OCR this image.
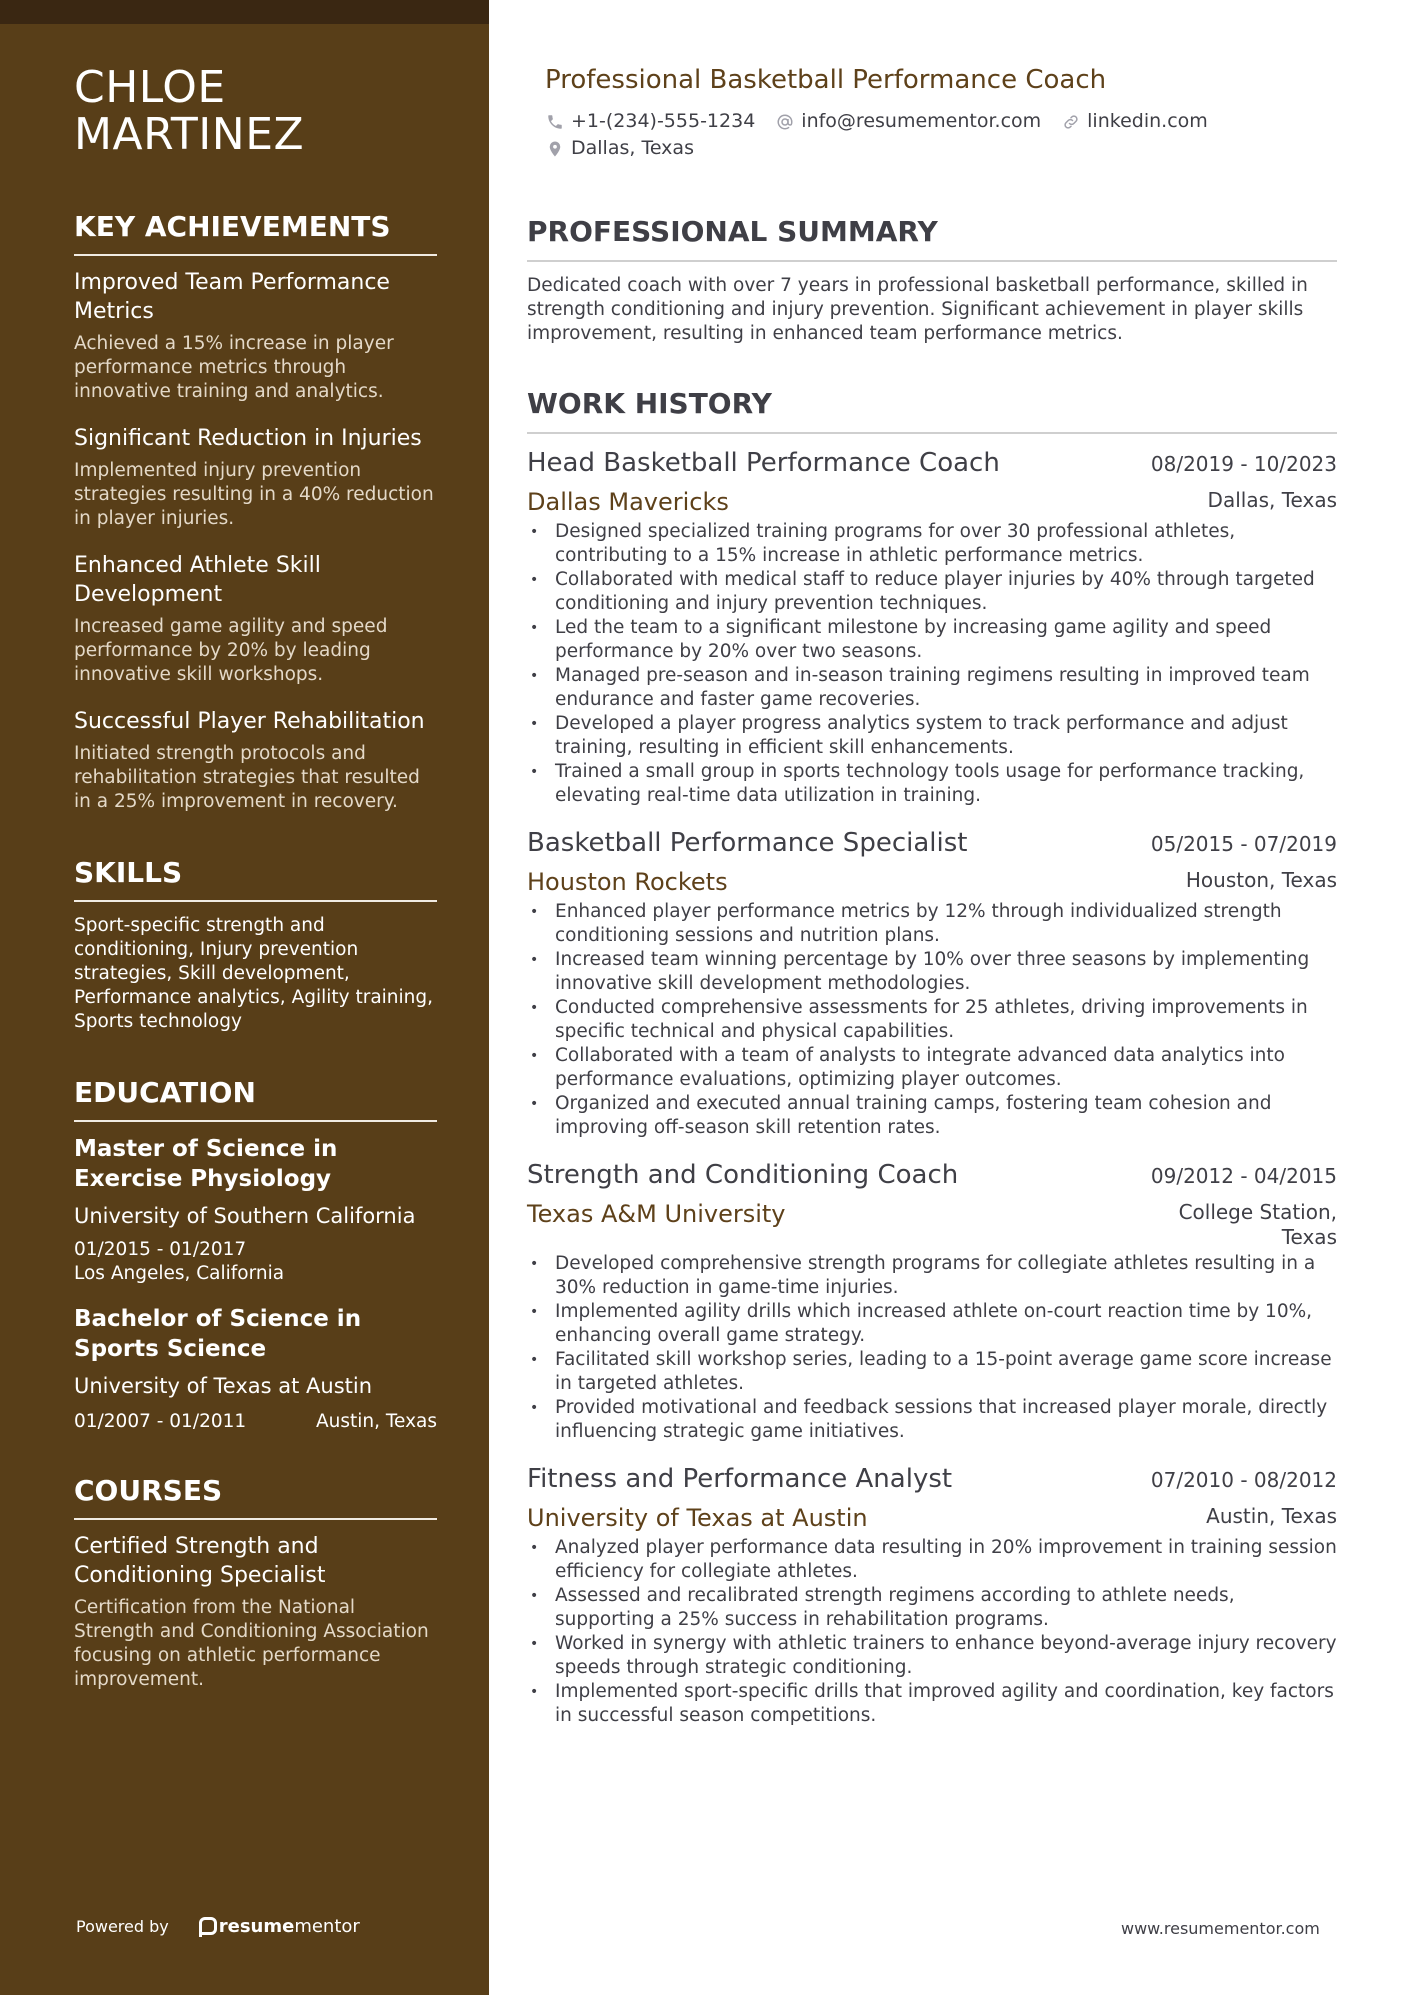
CHLOE
MARTINEZ
KEY ACHIEVEMENTS
Improved Team Performance Metrics
Achieved a 15% increase in player performance metrics through innovative training and analytics.
Significant Reduction in Injuries
Implemented injury prevention strategies resulting in a 40% reduction in player injuries.
Enhanced Athlete Skill Development
Increased game agility and speed performance by 20% by leading innovative skill workshops.
Successful Player Rehabilitation
Initiated strength protocols and rehabilitation strategies that resulted in a 25% improvement in recovery.
SKILLS
Sport-specific strength and conditioning, Injury prevention strategies, Skill development, Performance analytics, Agility training, Sports technology
EDUCATION
Master of Science in Exercise Physiology
University of Southern California
01/2015 - 01/2017
Los Angeles, California
Bachelor of Science in Sports Science
University of Texas at Austin
01/2007 - 01/2011	Austin, Texas
COURSES
Certified Strength and Conditioning Specialist
Certification from the National Strength and Conditioning Association focusing on athletic performance improvement.
Powered by	resume mentor
Professional Basketball Performance Coach
+1-(234)-555-1234 info@resumementor.com linkedin.com
Dallas, Texas
PROFESSIONAL SUMMARY

Dedicated coach with over 7 years in professional basketball performance, skilled in strength conditioning and injury prevention. Significant achievement in player skills improvement, resulting in enhanced team performance metrics.

WORK HISTORY
Head Basketball Performance Coach	08/2019 - 10/2023
Dallas Mavericks	Dallas, Texas
• Designed specialized training programs for over 30 professional athletes, contributing to a 15% increase in athletic performance metrics.
• Collaborated with medical staff to reduce player injuries by 40% through targeted conditioning and injury prevention techniques.
• Led the team to a significant milestone by increasing game agility and speed performance by 20% over two seasons.
• Managed pre-season and in-season training regimens resulting in improved team endurance and faster game recoveries.
• Developed a player progress analytics system to track performance and adjust training, resulting in efficient skill enhancements.
• Trained a small group in sports technology tools usage for performance tracking, elevating real-time data utilization in training.
Basketball Performance Specialist	05/2015 - 07/2019
Houston Rockets	Houston, Texas
• Enhanced player performance metrics by 12% through individualized strength conditioning sessions and nutrition plans.
• Increased team winning percentage by 10% over three seasons by implementing innovative skill development methodologies.
• Conducted comprehensive assessments for 25 athletes, driving improvements in specific technical and physical capabilities.
• Collaborated with a team of analysts to integrate advanced data analytics into performance evaluations, optimizing player outcomes.
• Organized and executed annual training camps, fostering team cohesion and improving off-season skill retention rates.
Strength and Conditioning Coach	09/2012 - 04/2015
Texas A&M University	College Station, Texas
• Developed comprehensive strength programs for collegiate athletes resulting in a 30% reduction in game-time injuries.
• Implemented agility drills which increased athlete on-court reaction time by 10%, enhancing overall game strategy.
• Facilitated skill workshop series, leading to a 15-point average game score increase in targeted athletes.
• Provided motivational and feedback sessions that increased player morale, directly influencing strategic game initiatives.
Fitness and Performance Analyst	07/2010 - 08/2012
University of Texas at Austin	Austin, Texas
• Analyzed player performance data resulting in 20% improvement in training session efficiency for collegiate athletes.
• Assessed and recalibrated strength regimens according to athlete needs, supporting a 25% success in rehabilitation programs.
• Worked in synergy with athletic trainers to enhance beyond-average injury recovery speeds through strategic conditioning.
• Implemented sport-specific drills that improved agility and coordination, key factors in successful season competitions.
www.resumementor.com
